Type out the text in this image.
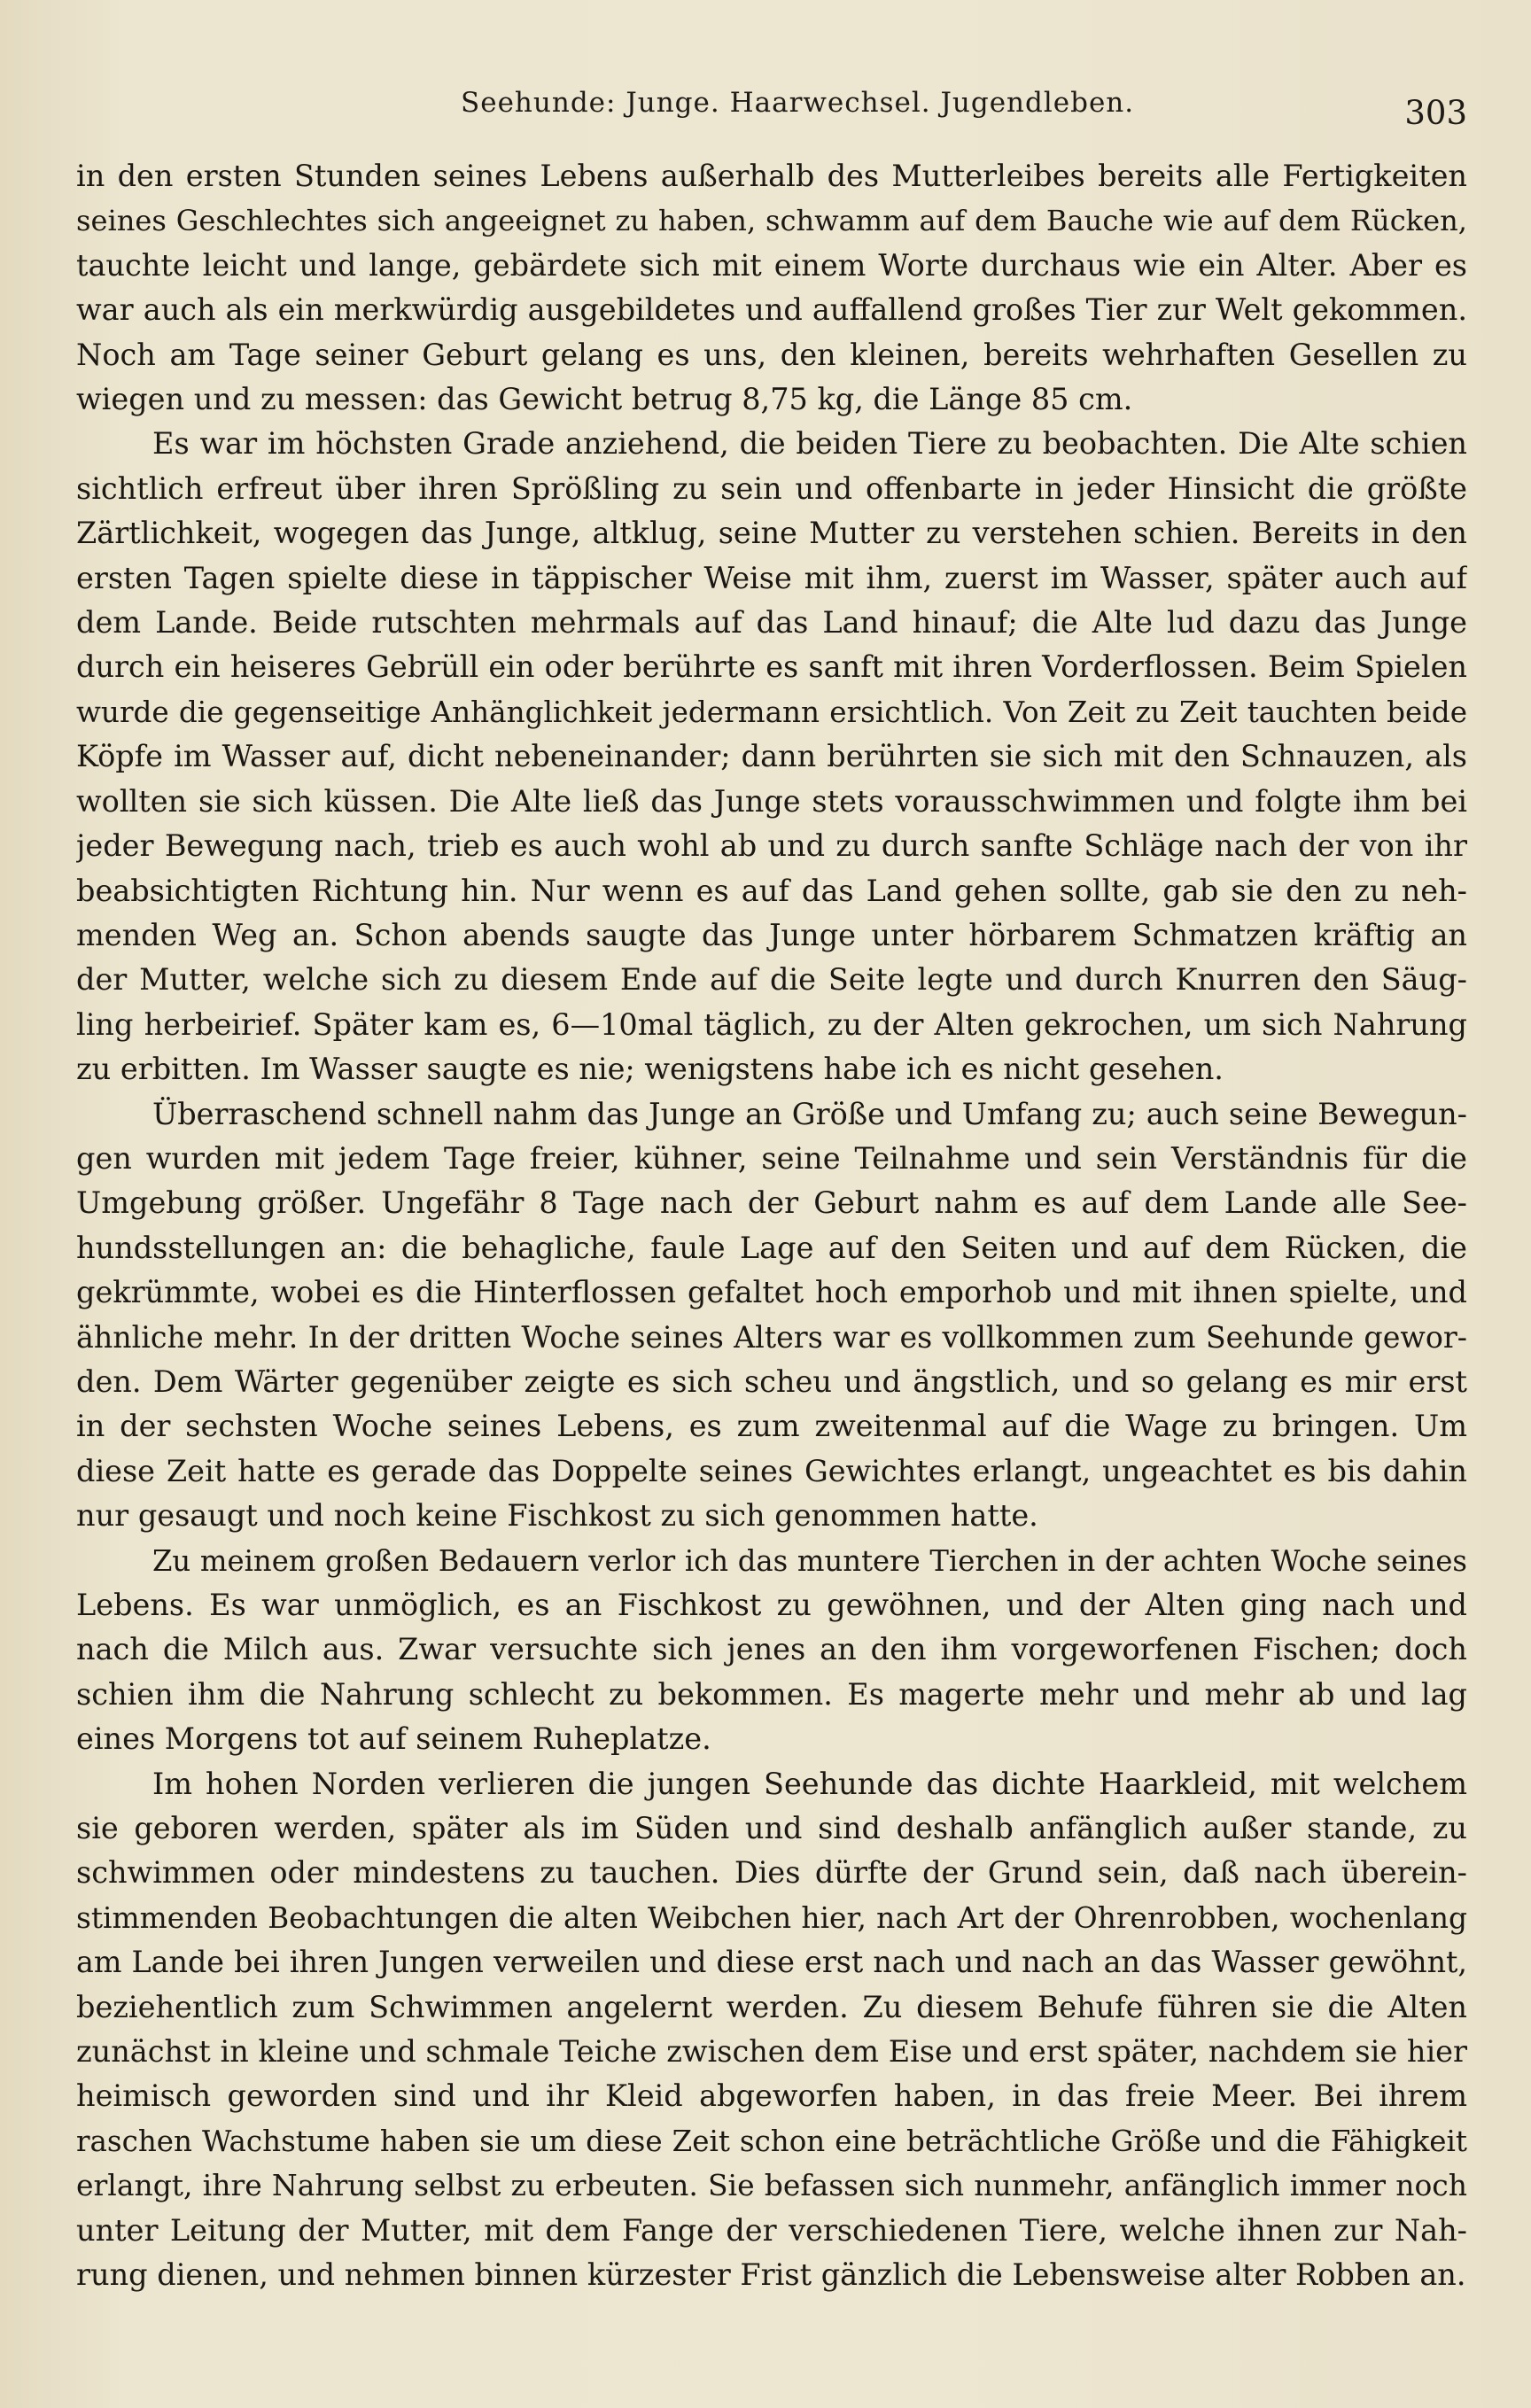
Seehunde: Junge. Haarwechsel. Jugendleben.	303
in den ersten Stunden seines Lebens außerhalb des Mutterleibes bereits alle Fertigkeiten
seines Geschlechtes sich angeeignet zu haben, schwamm auf dem Bauche wie auf dem Rücken,
tauchte leicht und lange, gebärdete sich mit einem Worte durchaus wie ein Alter. Aber es
war auch als ein merkwürdig ausgebildetes und auffallend großes Tier zur Welt gekommen.
Noch am Tage seiner Geburt gelang es uns, den kleinen, bereits wehrhaften Gesellen zu
wiegen und zu messen: das Gewicht betrug 8,75 kg, die Länge 85 cm.
Es war im höchsten Grade anziehend, die beiden Tiere zu beobachten. Die Alte schien
sichtlich erfreut über ihren Sprößling zu sein und offenbarte in jeder Hinsicht die größte
Zärtlichkeit, wogegen das Junge, altklug, seine Mutter zu verstehen schien. Bereits in den
ersten Tagen spielte diese in täppischer Weise mit ihm, zuerst im Wasser, später auch auf
dem Lande. Beide rutschten mehrmals auf das Land hinauf; die Alte lud dazu das Junge
durch ein heiseres Gebrüll ein oder berührte es sanft mit ihren Vorderflossen. Beim Spielen
wurde die gegenseitige Anhänglichkeit jedermann ersichtlich. Von Zeit zu Zeit tauchten beide
Köpfe im Wasser auf, dicht nebeneinander; dann berührten sie sich mit den Schnauzen, als
wollten sie sich küssen. Die Alte ließ das Junge stets vorausschwimmen und folgte ihm bei
jeder Bewegung nach, trieb es auch wohl ab und zu durch sanfte Schläge nach der von ihr
beabsichtigten Richtung hin. Nur wenn es auf das Land gehen sollte, gab sie den zu neh-
menden Weg an. Schon abends saugte das Junge unter hörbarem Schmatzen kräftig an
der Mutter, welche sich zu diesem Ende auf die Seite legte und durch Knurren den Säug-
ling herbeirief. Später kam es, 6—10mal täglich, zu der Alten gekrochen, um sich Nahrung
zu erbitten. Im Wasser saugte es nie; wenigstens habe ich es nicht gesehen.
Überraschend schnell nahm das Junge an Größe und Umfang zu; auch seine Bewegun-
gen wurden mit jedem Tage freier, kühner, seine Teilnahme und sein Verständnis für die
Umgebung größer. Ungefähr 8 Tage nach der Geburt nahm es auf dem Lande alle See-
hundsstellungen an: die behagliche, faule Lage auf den Seiten und auf dem Rücken, die
gekrümmte, wobei es die Hinterflossen gefaltet hoch emporhob und mit ihnen spielte, und
ähnliche mehr. In der dritten Woche seines Alters war es vollkommen zum Seehunde gewor-
den. Dem Wärter gegenüber zeigte es sich scheu und ängstlich, und so gelang es mir erst
in der sechsten Woche seines Lebens, es zum zweitenmal auf die Wage zu bringen. Um
diese Zeit hatte es gerade das Doppelte seines Gewichtes erlangt, ungeachtet es bis dahin
nur gesaugt und noch keine Fischkost zu sich genommen hatte.
Zu meinem großen Bedauern verlor ich das muntere Tierchen in der achten Woche seines
Lebens. Es war unmöglich, es an Fischkost zu gewöhnen, und der Alten ging nach und
nach die Milch aus. Zwar versuchte sich jenes an den ihm vorgeworfenen Fischen; doch
schien ihm die Nahrung schlecht zu bekommen. Es magerte mehr und mehr ab und lag
eines Morgens tot auf seinem Ruheplatze.
Im hohen Norden verlieren die jungen Seehunde das dichte Haarkleid, mit welchem
sie geboren werden, später als im Süden und sind deshalb anfänglich außer stande, zu
schwimmen oder mindestens zu tauchen. Dies dürfte der Grund sein, daß nach überein-
stimmenden Beobachtungen die alten Weibchen hier, nach Art der Ohrenrobben, wochenlang
am Lande bei ihren Jungen verweilen und diese erst nach und nach an das Wasser gewöhnt,
beziehentlich zum Schwimmen angelernt werden. Zu diesem Behufe führen sie die Alten
zunächst in kleine und schmale Teiche zwischen dem Eise und erst später, nachdem sie hier
heimisch geworden sind und ihr Kleid abgeworfen haben, in das freie Meer. Bei ihrem
raschen Wachstume haben sie um diese Zeit schon eine beträchtliche Größe und die Fähigkeit
erlangt, ihre Nahrung selbst zu erbeuten. Sie befassen sich nunmehr, anfänglich immer noch
unter Leitung der Mutter, mit dem Fange der verschiedenen Tiere, welche ihnen zur Nah-
rung dienen, und nehmen binnen kürzester Frist gänzlich die Lebensweise alter Robben an.
